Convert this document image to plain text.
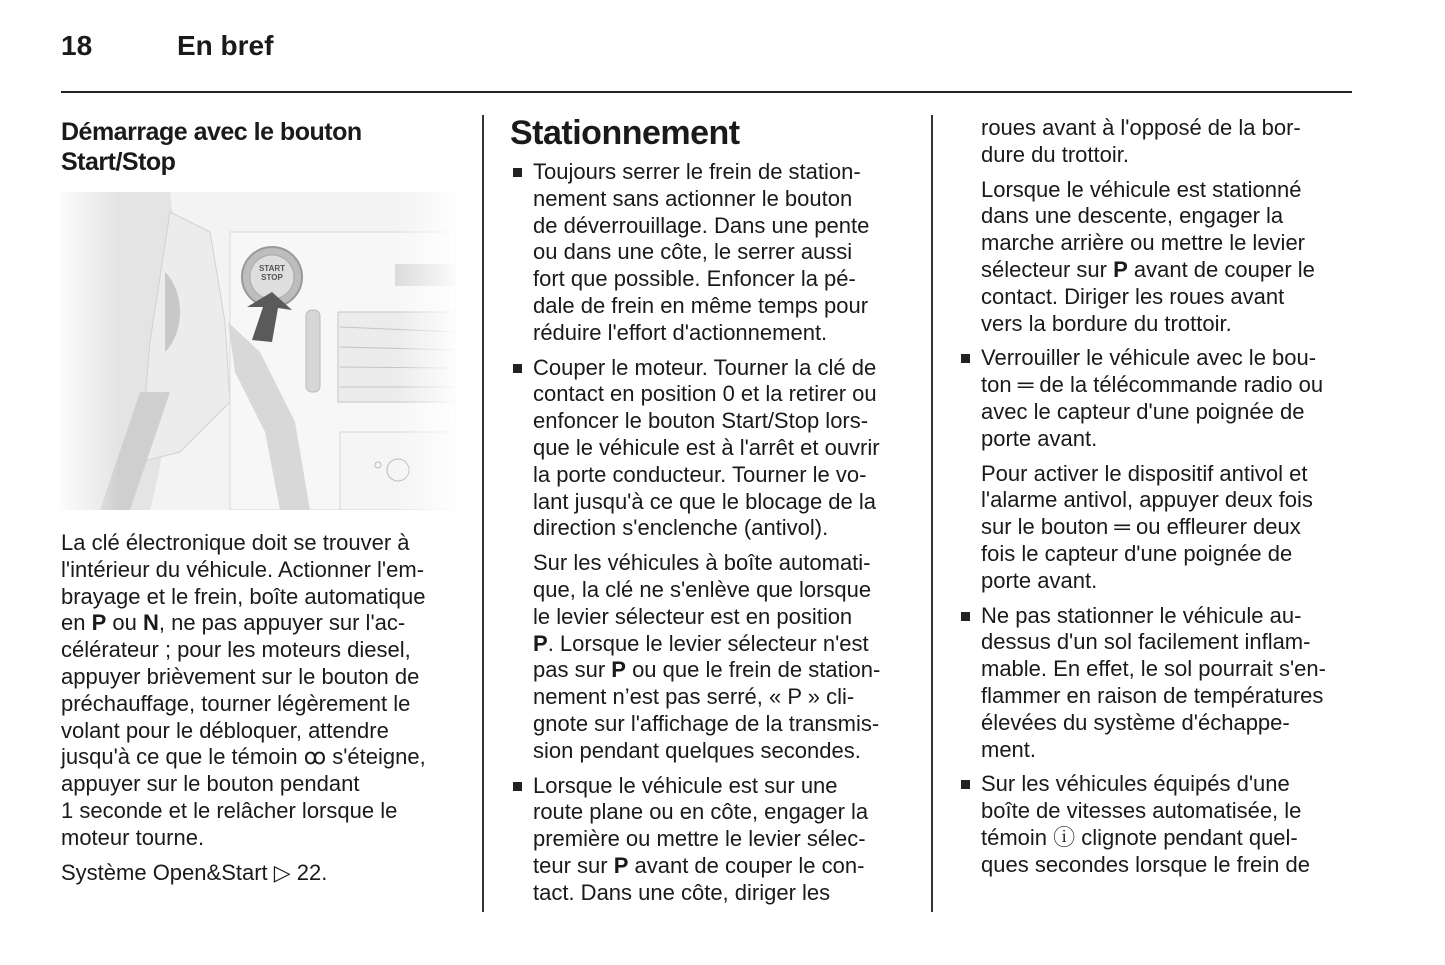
18	En bref
Démarrage avec le bouton
Start/Stop
START STOP
La clé électronique doit se trouver à
l'intérieur du véhicule. Actionner l'em-
brayage et le frein, boîte automatique
en P ou N, ne pas appuyer sur l'ac-
célérateur ; pour les moteurs diesel,
appuyer brièvement sur le bouton de
préchauffage, tourner légèrement le
volant pour le débloquer, attendre
jusqu'à ce que le témoin ꝏ s'éteigne,
appuyer sur le bouton pendant
1 seconde et le relâcher lorsque le
moteur tourne.
Système Open&Start ▷ 22.
Stationnement
Toujours serrer le frein de station-
nement sans actionner le bouton
de déverrouillage. Dans une pente
ou dans une côte, le serrer aussi
fort que possible. Enfoncer la pé-
dale de frein en même temps pour
réduire l'effort d'actionnement.
Couper le moteur. Tourner la clé de
contact en position 0 et la retirer ou
enfoncer le bouton Start/Stop lors-
que le véhicule est à l'arrêt et ouvrir
la porte conducteur. Tourner le vo-
lant jusqu'à ce que le blocage de la
direction s'enclenche (antivol).
Sur les véhicules à boîte automati-
que, la clé ne s'enlève que lorsque
le levier sélecteur est en position
P. Lorsque le levier sélecteur n'est
pas sur P ou que le frein de station-
nement n’est pas serré, « P » cli-
gnote sur l'affichage de la transmis-
sion pendant quelques secondes.
Lorsque le véhicule est sur une
route plane ou en côte, engager la
première ou mettre le levier sélec-
teur sur P avant de couper le con-
tact. Dans une côte, diriger les
roues avant à l'opposé de la bor-
dure du trottoir.
Lorsque le véhicule est stationné
dans une descente, engager la
marche arrière ou mettre le levier
sélecteur sur P avant de couper le
contact. Diriger les roues avant
vers la bordure du trottoir.
Verrouiller le véhicule avec le bou-
ton ═ de la télécommande radio ou
avec le capteur d'une poignée de
porte avant.
Pour activer le dispositif antivol et
l'alarme antivol, appuyer deux fois
sur le bouton ═ ou effleurer deux
fois le capteur d'une poignée de
porte avant.
Ne pas stationner le véhicule au-
dessus d'un sol facilement inflam-
mable. En effet, le sol pourrait s'en-
flammer en raison de températures
élevées du système d'échappe-
ment.
Sur les véhicules équipés d'une
boîte de vitesses automatisée, le
témoin ⓘ clignote pendant quel-
ques secondes lorsque le frein de
